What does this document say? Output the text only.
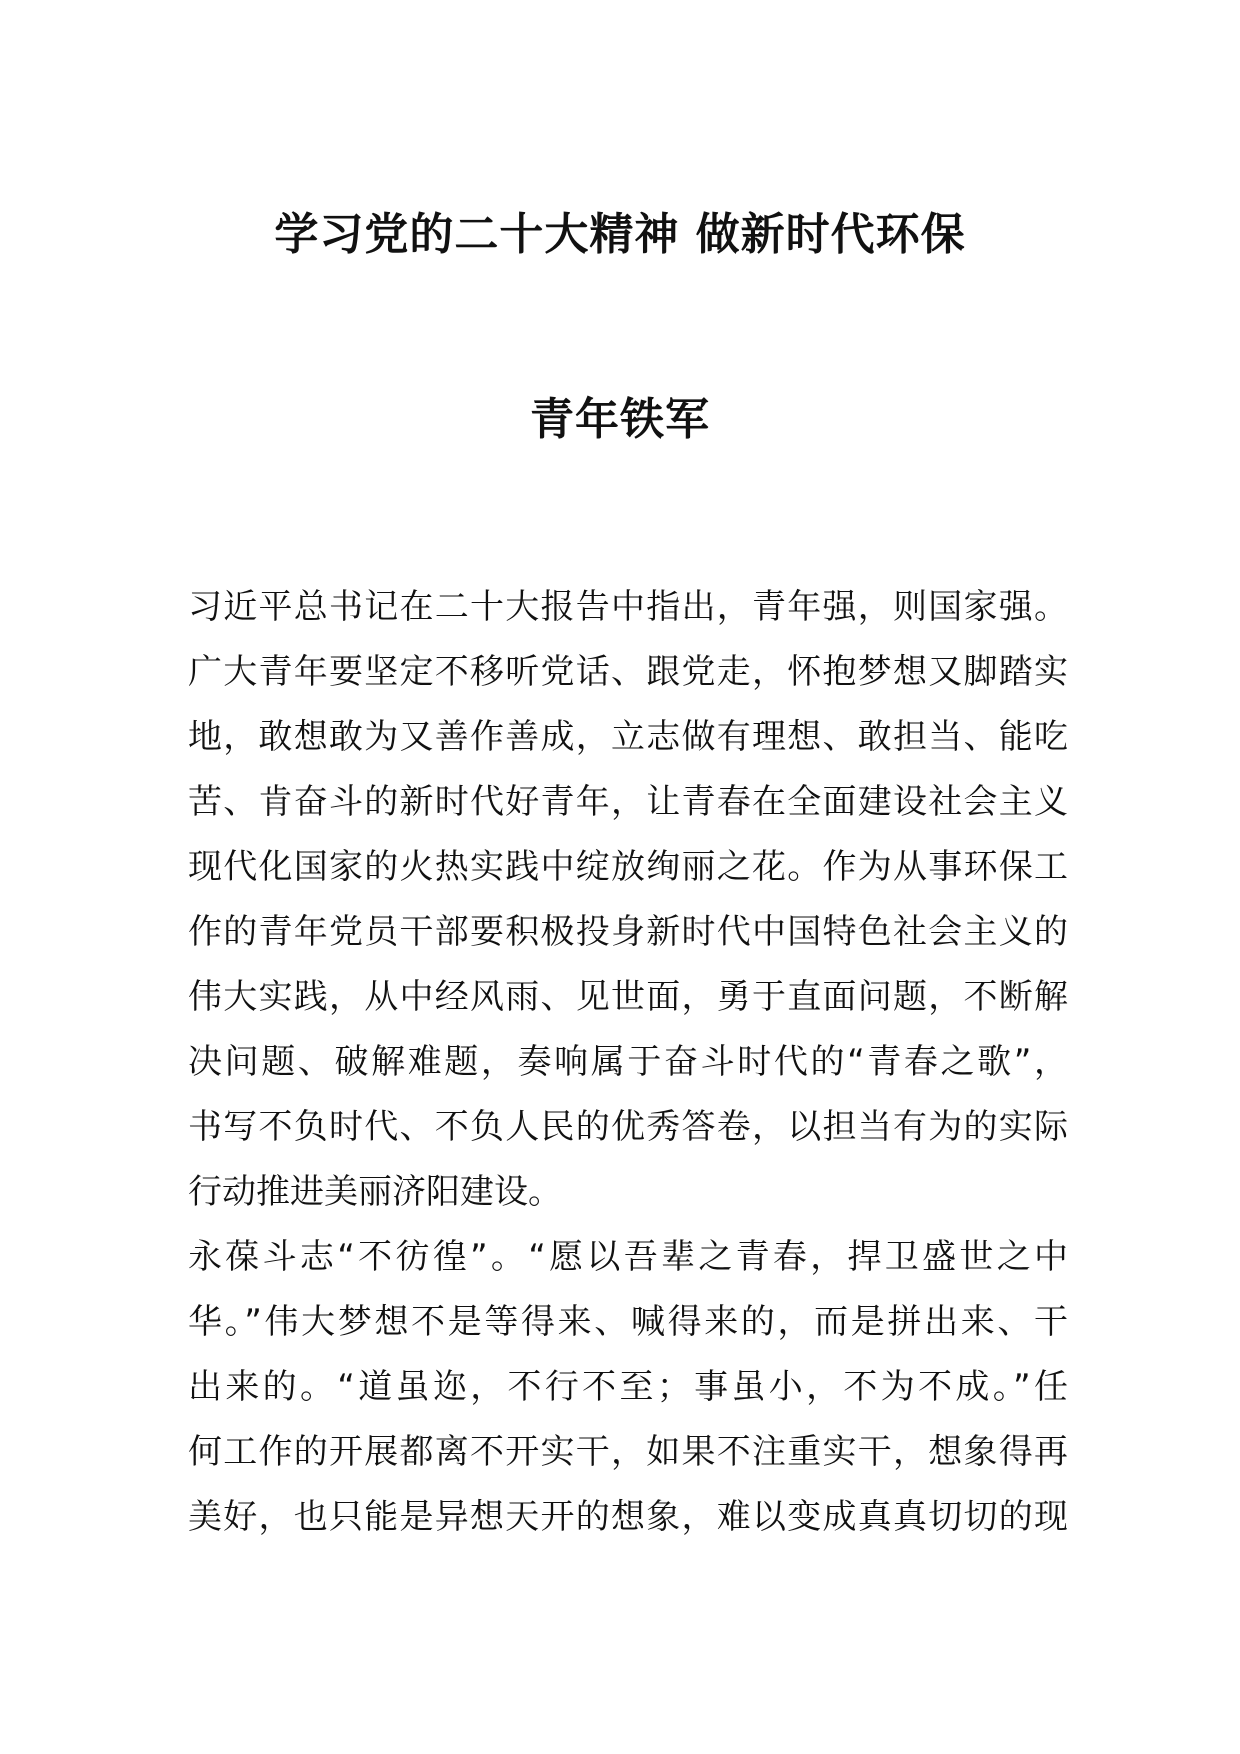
学习党的二十大精神 做新时代环保
青年铁军
习近平总书记在二十大报告中指出，青年强，则国家强。
广大青年要坚定不移听党话、跟党走，怀抱梦想又脚踏实
地，敢想敢为又善作善成，立志做有理想、敢担当、能吃
苦、肯奋斗的新时代好青年，让青春在全面建设社会主义
现代化国家的火热实践中绽放绚丽之花。作为从事环保工
作的青年党员干部要积极投身新时代中国特色社会主义的
伟大实践，从中经风雨、见世面，勇于直面问题，不断解
决问题、破解难题，奏响属于奋斗时代的“青春之歌”，
书写不负时代、不负人民的优秀答卷，以担当有为的实际
行动推进美丽济阳建设。
永葆斗志“不彷徨”。“愿以吾辈之青春，捍卫盛世之中
华。”伟大梦想不是等得来、喊得来的，而是拼出来、干
出来的。“道虽迩，不行不至；事虽小，不为不成。”任
何工作的开展都离不开实干，如果不注重实干，想象得再
美好，也只能是异想天开的想象，难以变成真真切切的现
